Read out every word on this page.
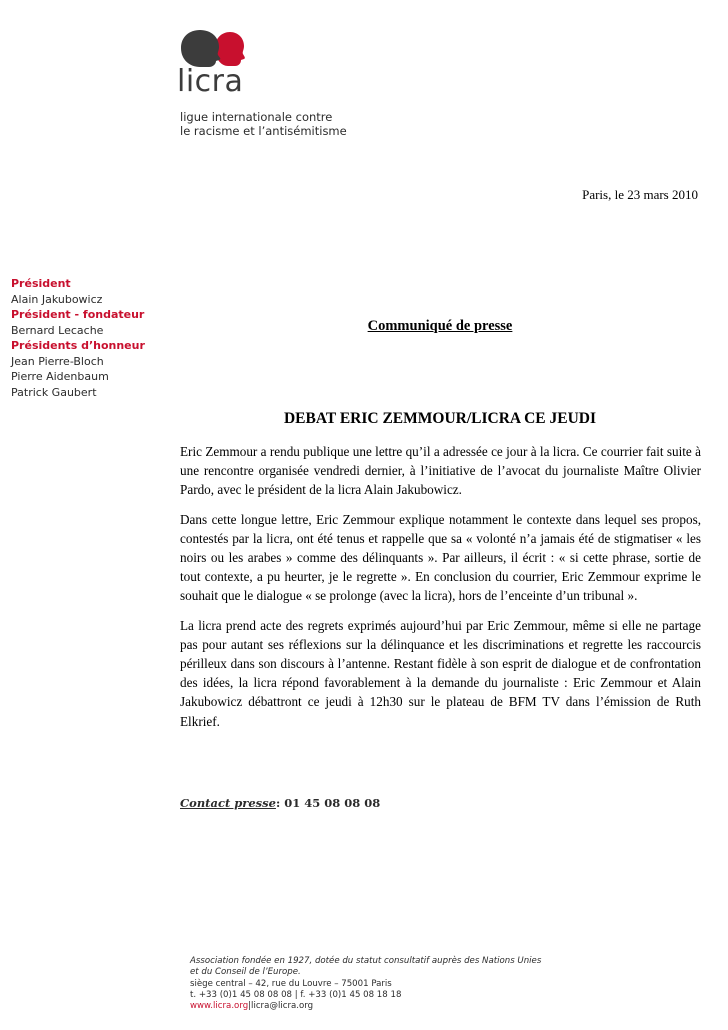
licra
ligue internationale contre
le racisme et l’antisémitisme
Président
Alain Jakubowicz
Président - fondateur
Bernard Lecache
Présidents d’honneur
Jean Pierre-Bloch
Pierre Aidenbaum
Patrick Gaubert
Paris, le 23 mars 2010
Communiqué de presse
DEBAT ERIC ZEMMOUR/LICRA CE JEUDI

Eric Zemmour a rendu publique une lettre qu’il a adressée ce jour à la licra. Ce courrier fait suite à une rencontre organisée vendredi dernier, à l’initiative de l’avocat du journaliste Maître Olivier Pardo, avec le président de la licra Alain Jakubowicz.

Dans cette longue lettre, Eric Zemmour explique notamment le contexte dans lequel ses propos, contestés par la licra, ont été tenus et rappelle que sa « volonté n’a jamais été de stigmatiser « les noirs ou les arabes » comme des délinquants ». Par ailleurs, il écrit : « si cette phrase, sortie de tout contexte, a pu heurter, je le regrette ». En conclusion du courrier, Eric Zemmour exprime le souhait que le dialogue « se prolonge (avec la licra), hors de l’enceinte d’un tribunal ».

La licra prend acte des regrets exprimés aujourd’hui par Eric Zemmour, même si elle ne partage pas pour autant ses réflexions sur la délinquance et les discriminations et regrette les raccourcis périlleux dans son discours à l’antenne. Restant fidèle à son esprit de dialogue et de confrontation des idées, la licra répond favorablement à la demande du journaliste : Eric Zemmour et Alain Jakubowicz débattront ce jeudi à 12h30 sur le plateau de BFM TV dans l’émission de Ruth Elkrief.

Contact presse: 01 45 08 08 08
Association fondée en 1927, dotée du statut consultatif auprès des Nations Unies
et du Conseil de l’Europe.
siège central – 42, rue du Louvre – 75001 Paris
t. +33 (0)1 45 08 08 08 | f. +33 (0)1 45 08 18 18
www.licra.org|licra@licra.org
